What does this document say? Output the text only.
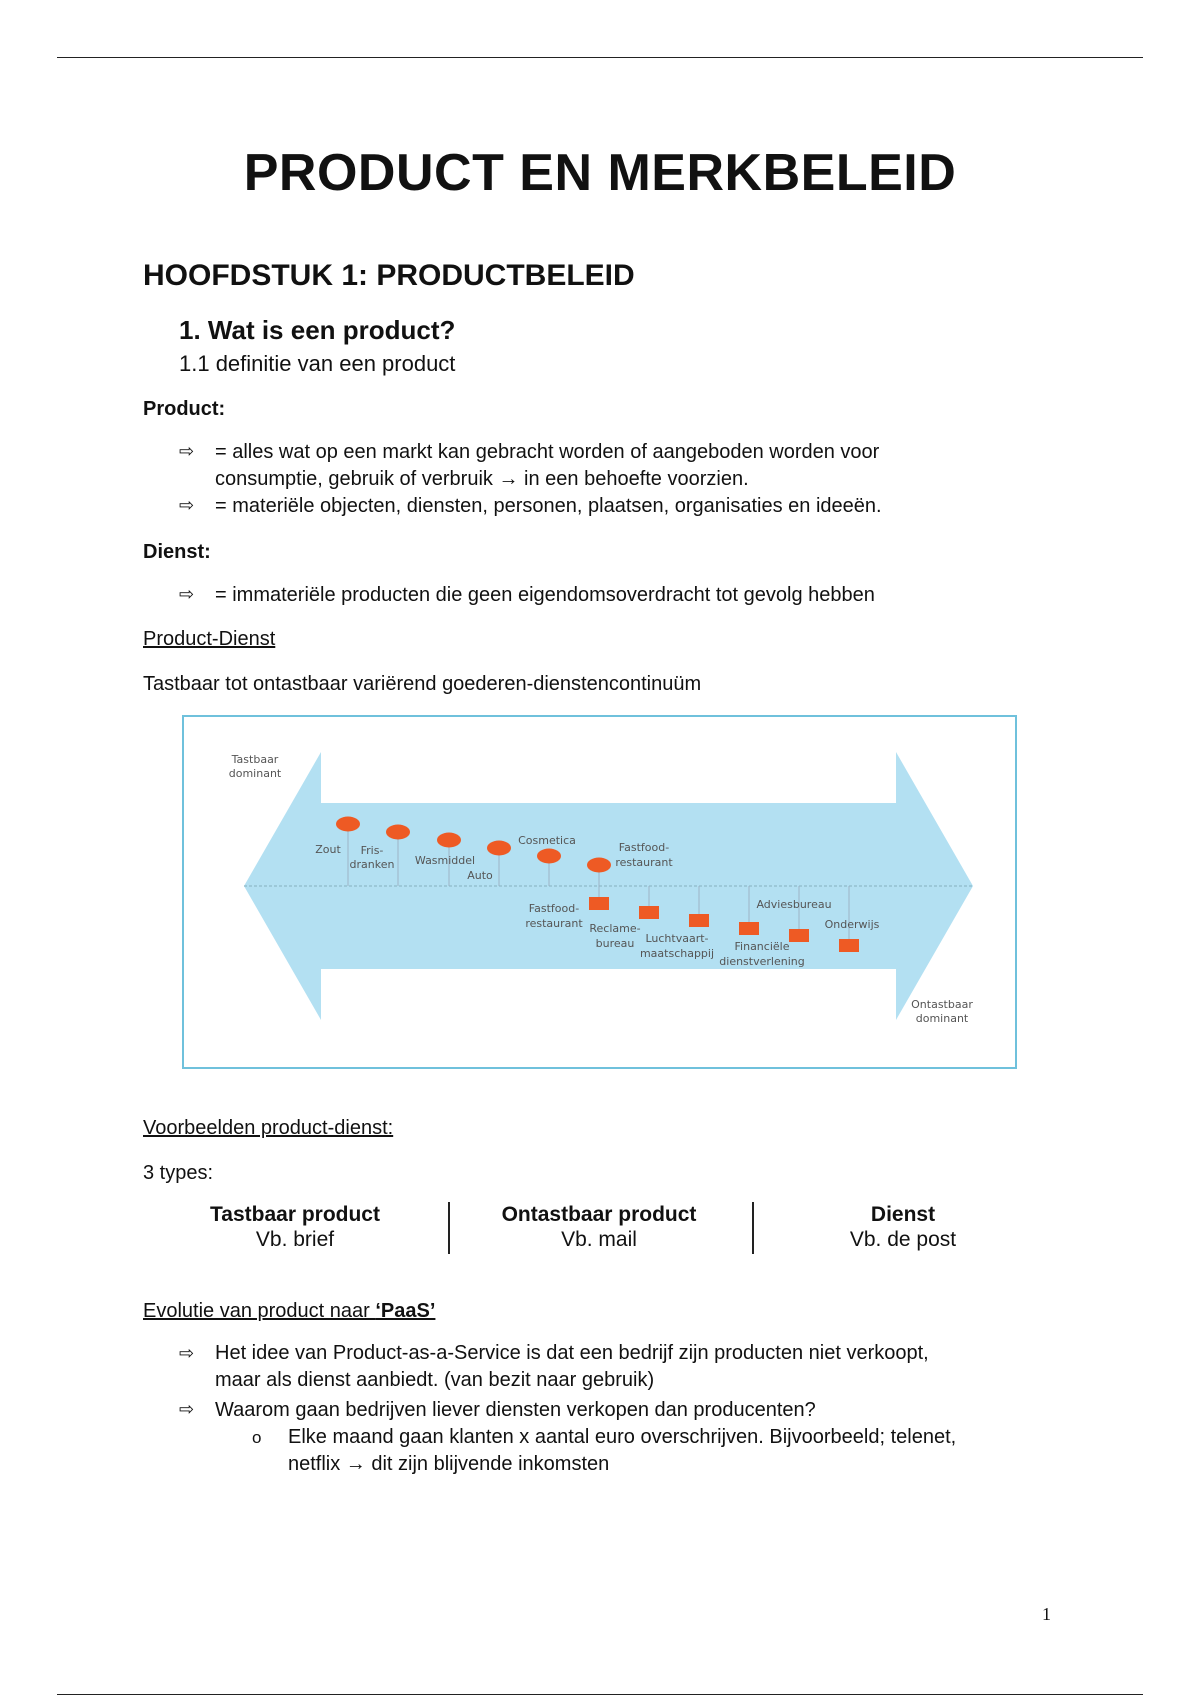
PRODUCT EN MERKBELEID
HOOFDSTUK 1: PRODUCTBELEID
1. Wat is een product?
1.1 definitie van een product
Product:
⇨ = alles wat op een markt kan gebracht worden of aangeboden worden voor
consumptie, gebruik of verbruik → in een behoefte voorzien.
⇨ = materiële objecten, diensten, personen, plaatsen, organisaties en ideeën.
Dienst:
⇨ = immateriële producten die geen eigendomsoverdracht tot gevolg hebben
Product-Dienst
Tastbaar tot ontastbaar variërend goederen-dienstencontinuüm
Tastbaar
dominant
Ontastbaar
dominant
Zout Fris-
dranken Wasmiddel
Auto
Cosmetica
Fastfood-
restaurant
Fastfood-
restaurant Reclame-
bureau Luchtvaart-
maatschappij
Financiële
dienstverlening
Adviesbureau
Onderwijs
Voorbeelden product-dienst:
3 types:
Tastbaar product
Vb. brief
Ontastbaar product
Vb. mail
Dienst
Vb. de post
Evolutie van product naar ‘PaaS’
⇨ Het idee van Product-as-a-Service is dat een bedrijf zijn producten niet verkoopt,
maar als dienst aanbiedt. (van bezit naar gebruik)
⇨ Waarom gaan bedrijven liever diensten verkopen dan producenten?
o Elke maand gaan klanten x aantal euro overschrijven. Bijvoorbeeld; telenet,
netflix → dit zijn blijvende inkomsten
1
